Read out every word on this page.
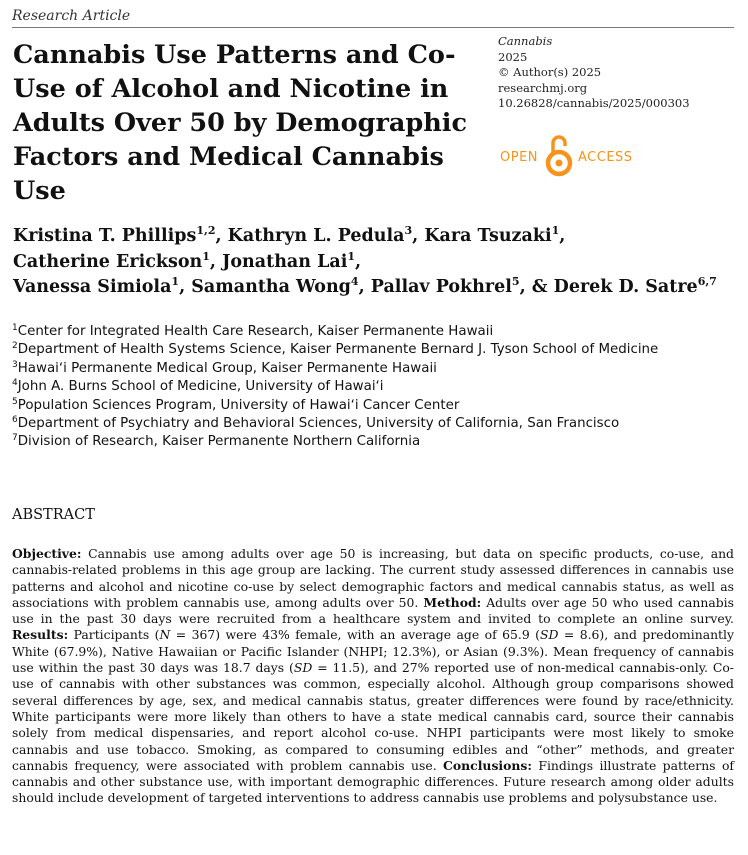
Research Article
Cannabis Use Patterns and Co-Use of Alcohol and Nicotine in Adults Over 50 by Demographic Factors and Medical Cannabis Use
Cannabis
2025
© Author(s) 2025
researchmj.org
10.26828/cannabis/2025/000303
OPEN	ACCESS
Kristina T. Phillips$^{1,2}$, Kathryn L. Pedula$^3$, Kara Tsuzaki$^1$,
Catherine Erickson$^1$, Jonathan Lai$^1$,
Vanessa Simiola$^1$, Samantha Wong$^4$, Pallav Pokhrel$^5$, & Derek D. Satre$^{6,7}$
$^1$Center for Integrated Health Care Research, Kaiser Permanente Hawaii
$^2$Department of Health Systems Science, Kaiser Permanente Bernard J. Tyson School of Medicine
$^3$Hawaiʻi Permanente Medical Group, Kaiser Permanente Hawaii
$^4$John A. Burns School of Medicine, University of Hawaiʻi
$^5$Population Sciences Program, University of Hawaiʻi Cancer Center
$^6$Department of Psychiatry and Behavioral Sciences, University of California, San Francisco
$^7$Division of Research, Kaiser Permanente Northern California
ABSTRACT

Objective: Cannabis use among adults over age 50 is increasing, but data on specific products, co-use, and cannabis-related problems in this age group are lacking. The current study assessed differences in cannabis use patterns and alcohol and nicotine co-use by select demographic factors and medical cannabis status, as well as associations with problem cannabis use, among adults over 50. Method: Adults over age 50 who used cannabis use in the past 30 days were recruited from a healthcare system and invited to complete an online survey. Results: Participants (N = 367) were 43% female, with an average age of 65.9 (SD = 8.6), and predominantly White (67.9%), Native Hawaiian or Pacific Islander (NHPI; 12.3%), or Asian (9.3%). Mean frequency of cannabis use within the past 30 days was 18.7 days (SD = 11.5), and 27% reported use of non-medical cannabis-only. Co-use of cannabis with other substances was common, especially alcohol. Although group comparisons showed several differences by age, sex, and medical cannabis status, greater differences were found by race/ethnicity. White participants were more likely than others to have a state medical cannabis card, source their cannabis solely from medical dispensaries, and report alcohol co-use. NHPI participants were most likely to smoke cannabis and use tobacco. Smoking, as compared to consuming edibles and “other” methods, and greater cannabis frequency, were associated with problem cannabis use. Conclusions: Findings illustrate patterns of cannabis and other substance use, with important demographic differences. Future research among older adults should include development of targeted interventions to address cannabis use problems and polysubstance use.
